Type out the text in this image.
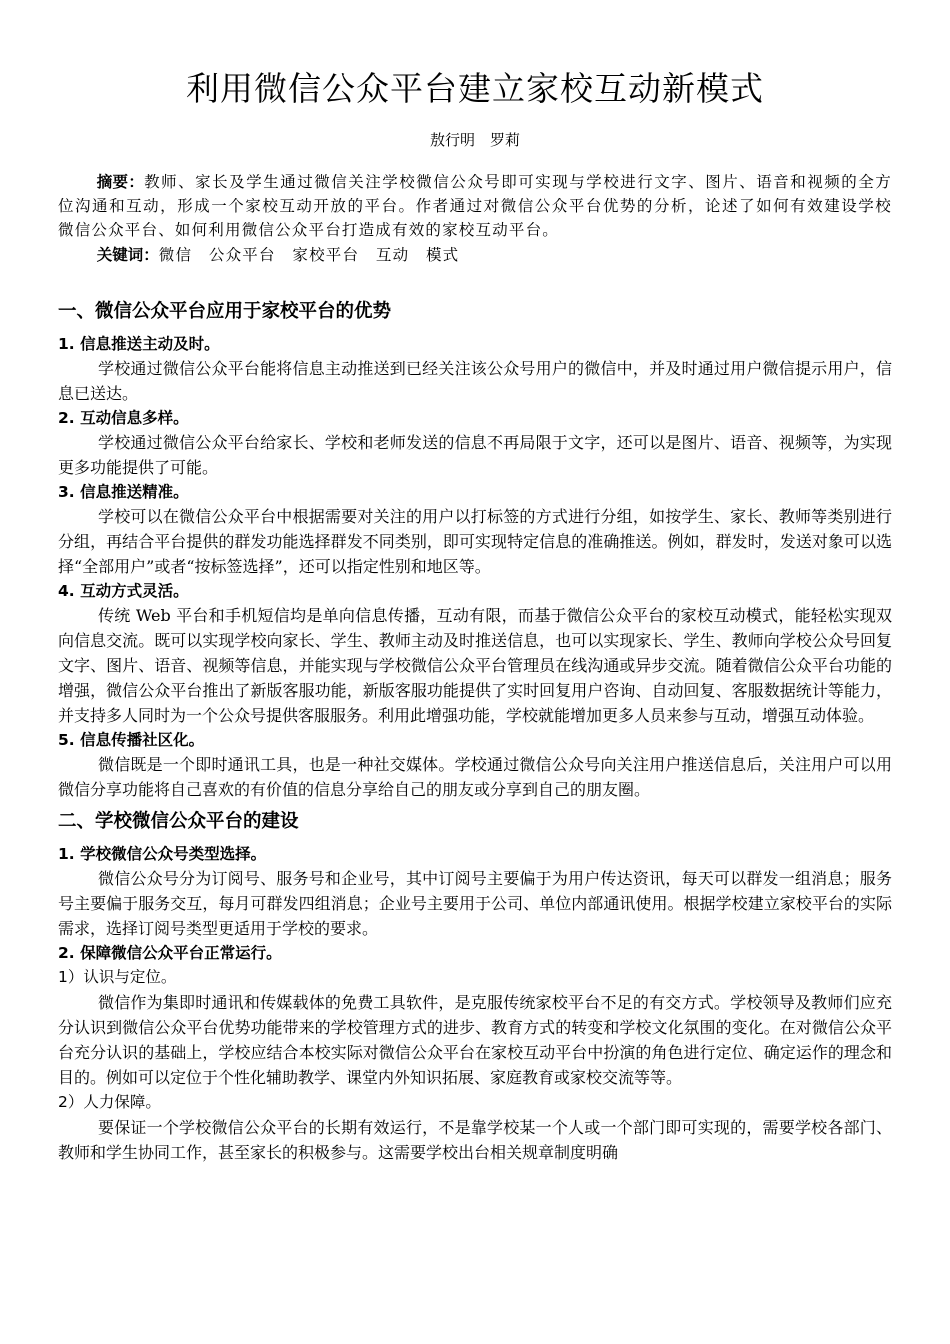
利用微信公众平台建立家校互动新模式
敖行明　罗莉
摘要：教师、家长及学生通过微信关注学校微信公众号即可实现与学校进行文字、图片、语音和视频的全方位沟通和互动，形成一个家校互动开放的平台。作者通过对微信公众平台优势的分析，论述了如何有效建设学校微信公众平台、如何利用微信公众平台打造成有效的家校互动平台。
关键词：微信　公众平台　家校平台　互动　模式
一、微信公众平台应用于家校平台的优势
1. 信息推送主动及时。

学校通过微信公众平台能将信息主动推送到已经关注该公众号用户的微信中，并及时通过用户微信提示用户，信息已送达。

2. 互动信息多样。

学校通过微信公众平台给家长、学校和老师发送的信息不再局限于文字，还可以是图片、语音、视频等，为实现更多功能提供了可能。

3. 信息推送精准。

学校可以在微信公众平台中根据需要对关注的用户以打标签的方式进行分组，如按学生、家长、教师等类别进行分组，再结合平台提供的群发功能选择群发不同类别，即可实现特定信息的准确推送。例如，群发时，发送对象可以选择“全部用户”或者“按标签选择”，还可以指定性别和地区等。

4. 互动方式灵活。

传统 Web 平台和手机短信均是单向信息传播，互动有限，而基于微信公众平台的家校互动模式，能轻松实现双向信息交流。既可以实现学校向家长、学生、教师主动及时推送信息，也可以实现家长、学生、教师向学校公众号回复文字、图片、语音、视频等信息，并能实现与学校微信公众平台管理员在线沟通或异步交流。随着微信公众平台功能的增强，微信公众平台推出了新版客服功能，新版客服功能提供了实时回复用户咨询、自动回复、客服数据统计等能力，并支持多人同时为一个公众号提供客服服务。利用此增强功能，学校就能增加更多人员来参与互动，增强互动体验。

5. 信息传播社区化。

微信既是一个即时通讯工具，也是一种社交媒体。学校通过微信公众号向关注用户推送信息后，关注用户可以用微信分享功能将自己喜欢的有价值的信息分享给自己的朋友或分享到自己的朋友圈。

二、学校微信公众平台的建设
1. 学校微信公众号类型选择。

微信公众号分为订阅号、服务号和企业号，其中订阅号主要偏于为用户传达资讯，每天可以群发一组消息；服务号主要偏于服务交互，每月可群发四组消息；企业号主要用于公司、单位内部通讯使用。根据学校建立家校平台的实际需求，选择订阅号类型更适用于学校的要求。

2. 保障微信公众平台正常运行。
1）认识与定位。

微信作为集即时通讯和传媒载体的免费工具软件，是克服传统家校平台不足的有交方式。学校领导及教师们应充分认识到微信公众平台优势功能带来的学校管理方式的进步、教育方式的转变和学校文化氛围的变化。在对微信公众平台充分认识的基础上，学校应结合本校实际对微信公众平台在家校互动平台中扮演的角色进行定位、确定运作的理念和目的。例如可以定位于个性化辅助教学、课堂内外知识拓展、家庭教育或家校交流等等。

2）人力保障。

要保证一个学校微信公众平台的长期有效运行，不是靠学校某一个人或一个部门即可实现的，需要学校各部门、教师和学生协同工作，甚至家长的积极参与。这需要学校出台相关规章制度明确
